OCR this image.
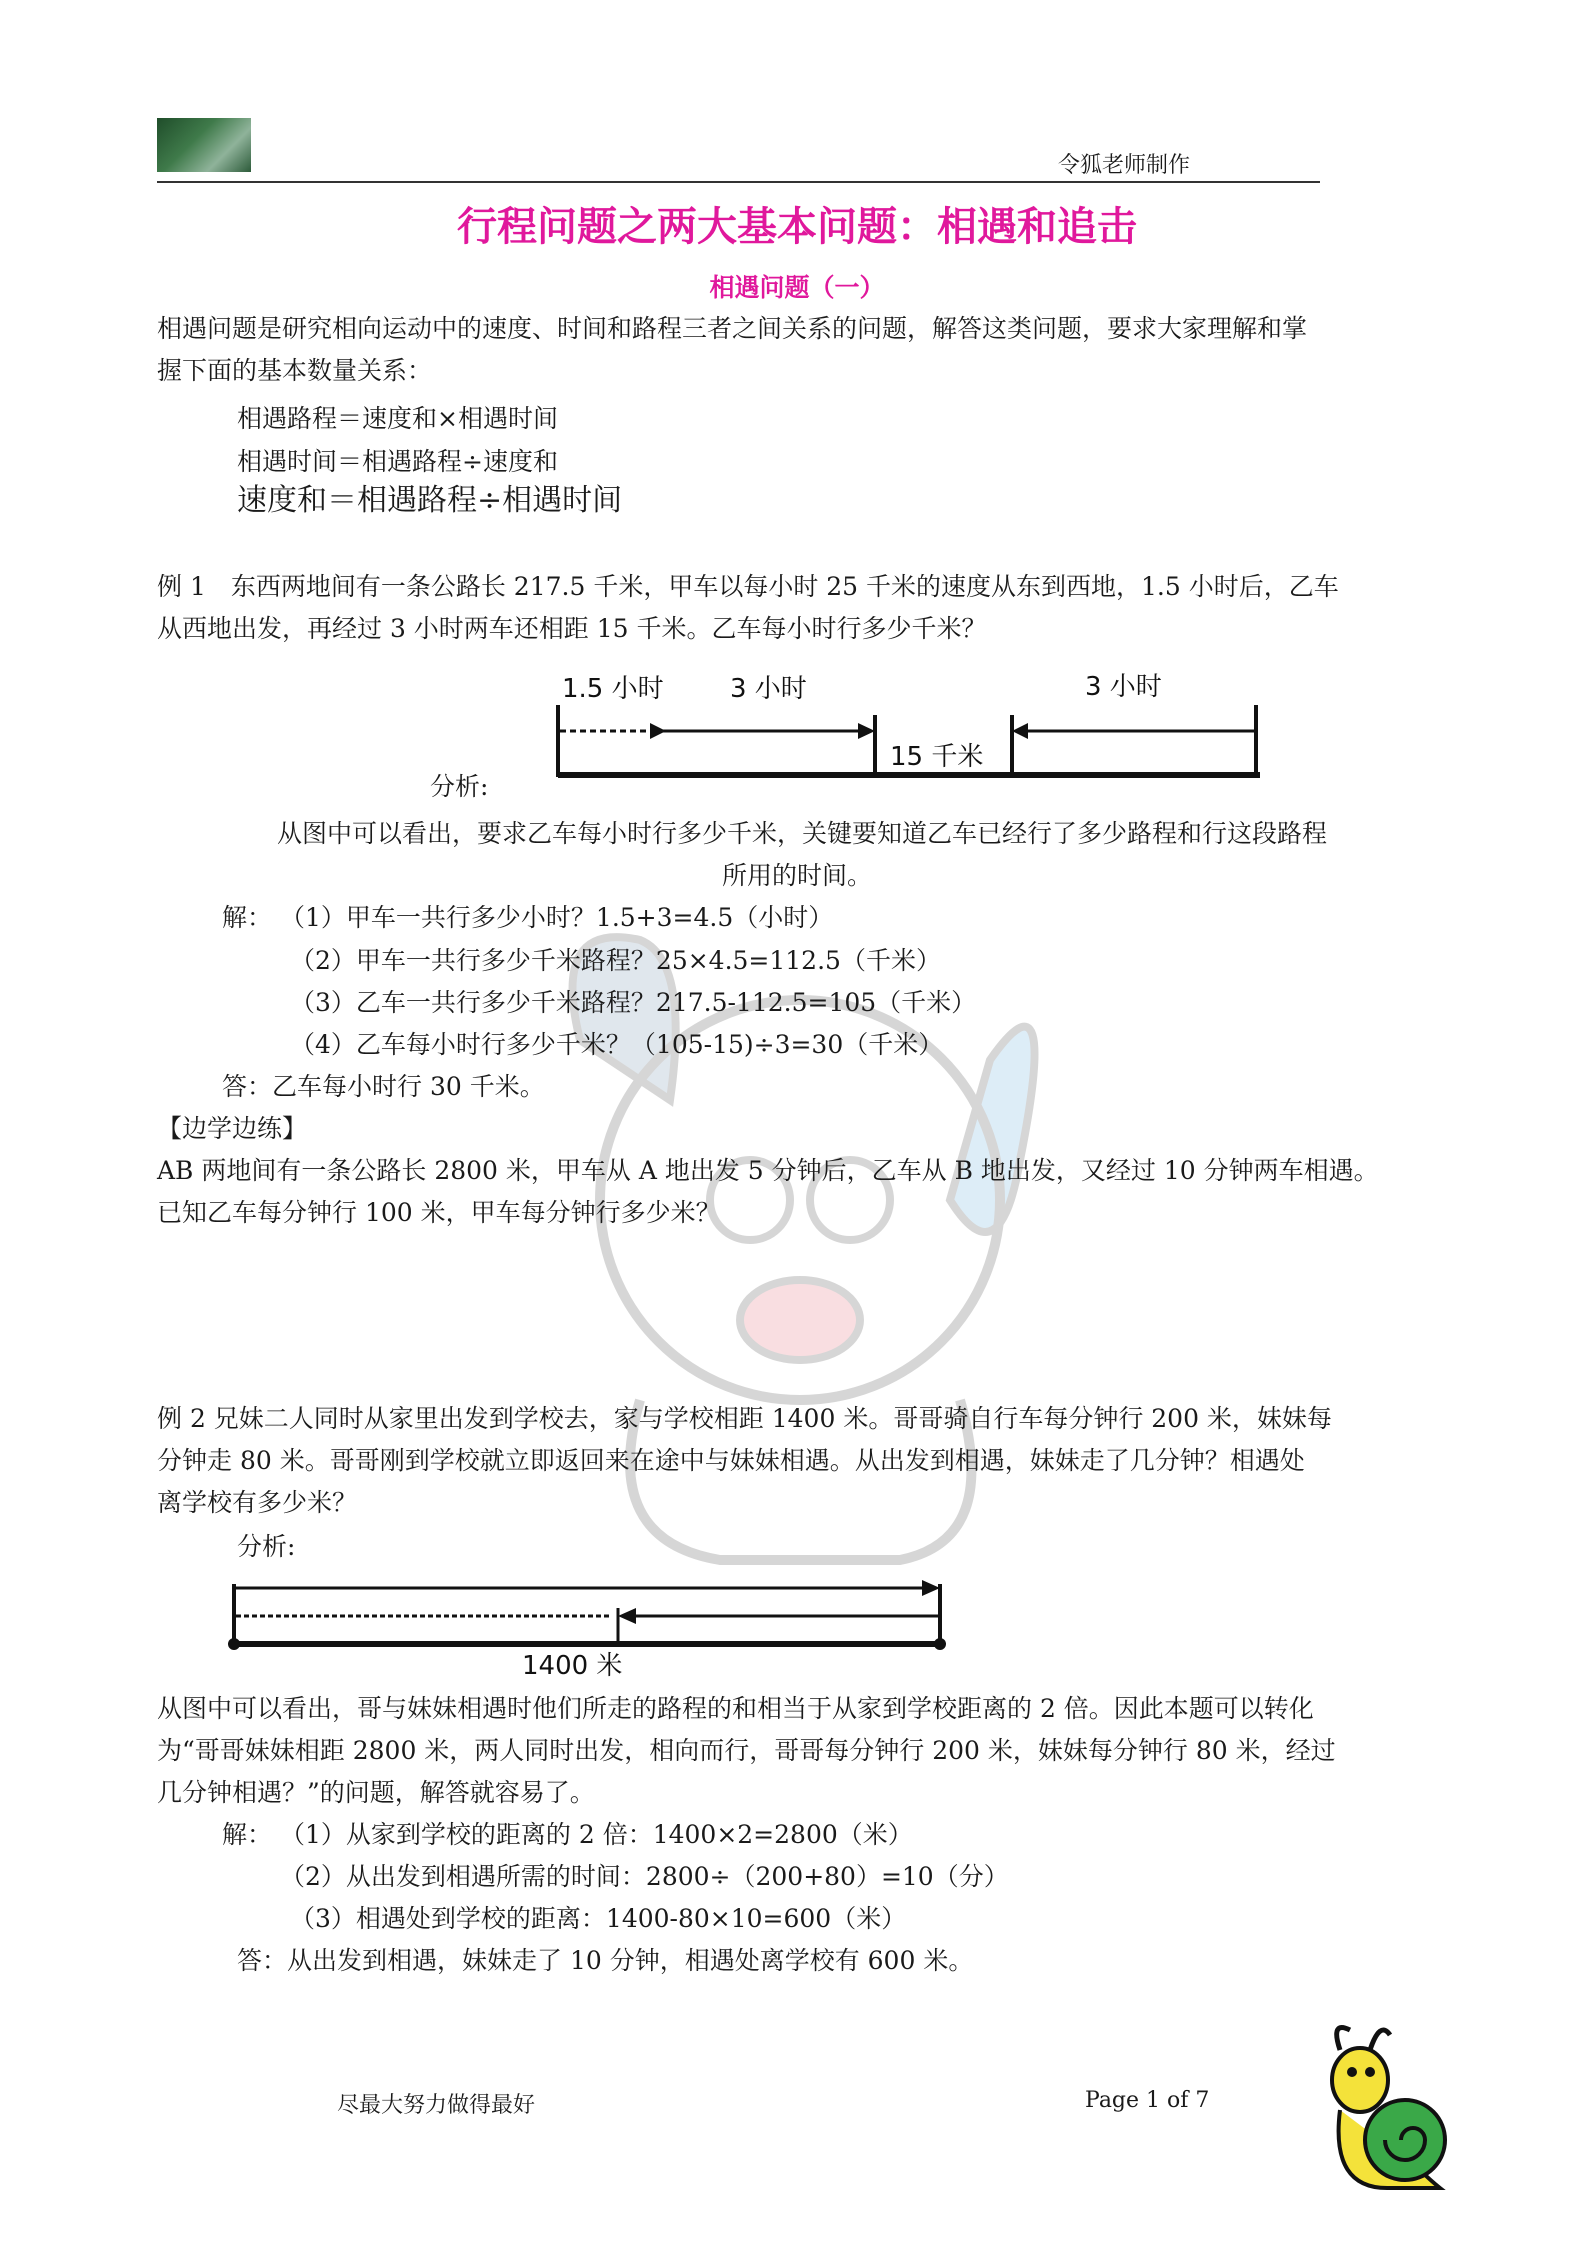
令狐老师制作
行程问题之两大基本问题：相遇和追击
相遇问题（一）
相遇问题是研究相向运动中的速度、时间和路程三者之间关系的问题，解答这类问题，要求大家理解和掌
握下面的基本数量关系：
相遇路程＝速度和×相遇时间
相遇时间＝相遇路程÷速度和
速度和＝相遇路程÷相遇时间
例 1　东西两地间有一条公路长 217.5 千米，甲车以每小时 25 千米的速度从东到西地，1.5 小时后，乙车
从西地出发，再经过 3 小时两车还相距 15 千米。乙车每小时行多少千米？
1.5 小时	3 小时	3 小时
15 千米
分析:
从图中可以看出，要求乙车每小时行多少千米，关键要知道乙车已经行了多少路程和行这段路程
所用的时间。
解： （1）甲车一共行多少小时？1.5+3=4.5（小时）
（2）甲车一共行多少千米路程？25×4.5=112.5（千米）
（3）乙车一共行多少千米路程？217.5-112.5=105（千米）
（4）乙车每小时行多少千米？（105-15)÷3=30（千米）
答：乙车每小时行 30 千米。
【边学边练】
AB 两地间有一条公路长 2800 米，甲车从 A 地出发 5 分钟后，乙车从 B 地出发，又经过 10 分钟两车相遇。
已知乙车每分钟行 100 米，甲车每分钟行多少米？
例 2 兄妹二人同时从家里出发到学校去，家与学校相距 1400 米。哥哥骑自行车每分钟行 200 米，妹妹每
分钟走 80 米。哥哥刚到学校就立即返回来在途中与妹妹相遇。从出发到相遇，妹妹走了几分钟？相遇处
离学校有多少米？
分析:
1400 米
从图中可以看出，哥与妹妹相遇时他们所走的路程的和相当于从家到学校距离的 2 倍。因此本题可以转化
为“哥哥妹妹相距 2800 米，两人同时出发，相向而行，哥哥每分钟行 200 米，妹妹每分钟行 80 米，经过
几分钟相遇？”的问题，解答就容易了。
解： （1）从家到学校的距离的 2 倍：1400×2=2800（米）
（2）从出发到相遇所需的时间：2800÷（200+80）=10（分）
（3）相遇处到学校的距离：1400-80×10=600（米）
答：从出发到相遇，妹妹走了 10 分钟，相遇处离学校有 600 米。
尽最大努力做得最好	Page 1 of 7
